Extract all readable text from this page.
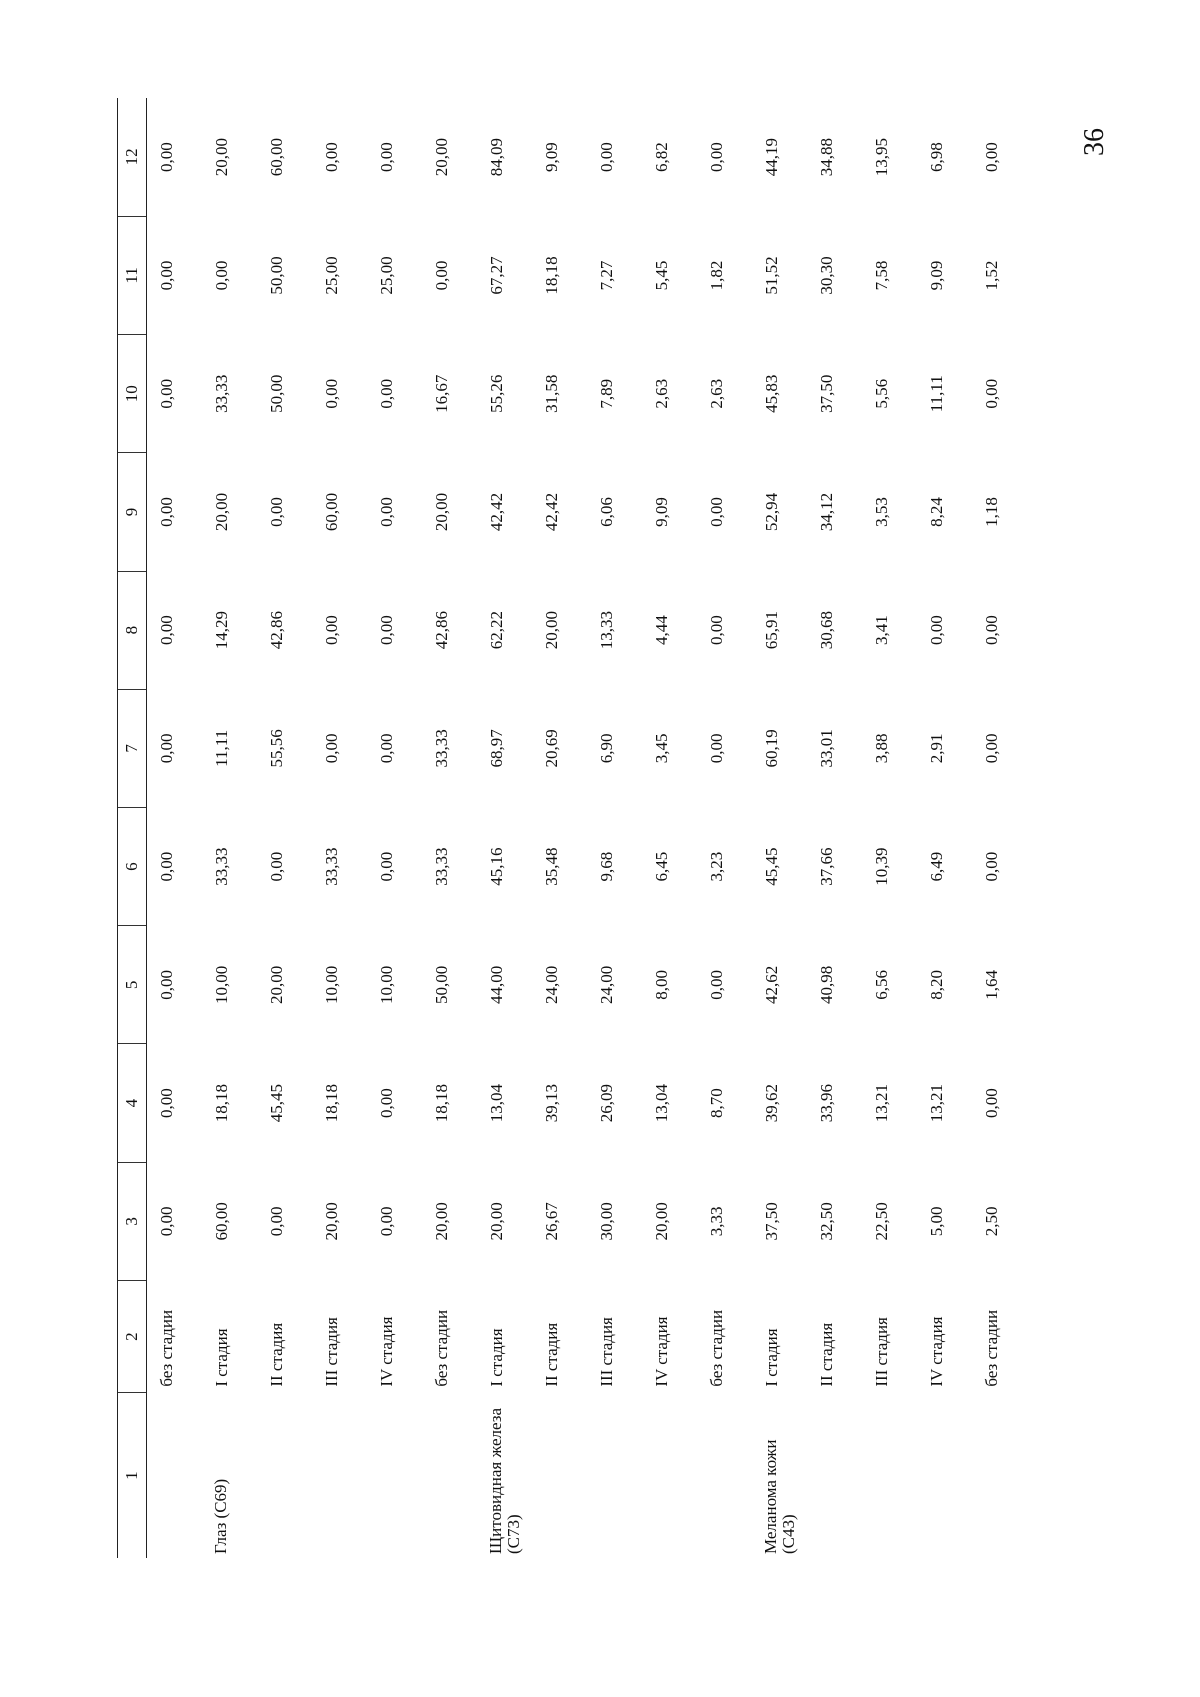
36
1	2	3	4	5	6	7	8	9	10	11	12
	без стадии	0,00	0,00	0,00	0,00	0,00	0,00	0,00	0,00	0,00	0,00
Глаз (С69)	I стадия	60,00	18,18	10,00	33,33	11,11	14,29	20,00	33,33	0,00	20,00
	II стадия	0,00	45,45	20,00	0,00	55,56	42,86	0,00	50,00	50,00	60,00
	III стадия	20,00	18,18	10,00	33,33	0,00	0,00	60,00	0,00	25,00	0,00
	IV стадия	0,00	0,00	10,00	0,00	0,00	0,00	0,00	0,00	25,00	0,00
	без стадии	20,00	18,18	50,00	33,33	33,33	42,86	20,00	16,67	0,00	20,00
Щитовидная железа (С73)	I стадия	20,00	13,04	44,00	45,16	68,97	62,22	42,42	55,26	67,27	84,09
	II стадия	26,67	39,13	24,00	35,48	20,69	20,00	42,42	31,58	18,18	9,09
	III стадия	30,00	26,09	24,00	9,68	6,90	13,33	6,06	7,89	7,27	0,00
	IV стадия	20,00	13,04	8,00	6,45	3,45	4,44	9,09	2,63	5,45	6,82
	без стадии	3,33	8,70	0,00	3,23	0,00	0,00	0,00	2,63	1,82	0,00
Меланома кожи (С43)	I стадия	37,50	39,62	42,62	45,45	60,19	65,91	52,94	45,83	51,52	44,19
	II стадия	32,50	33,96	40,98	37,66	33,01	30,68	34,12	37,50	30,30	34,88
	III стадия	22,50	13,21	6,56	10,39	3,88	3,41	3,53	5,56	7,58	13,95
	IV стадия	5,00	13,21	8,20	6,49	2,91	0,00	8,24	11,11	9,09	6,98
	без стадии	2,50	0,00	1,64	0,00	0,00	0,00	1,18	0,00	1,52	0,00
